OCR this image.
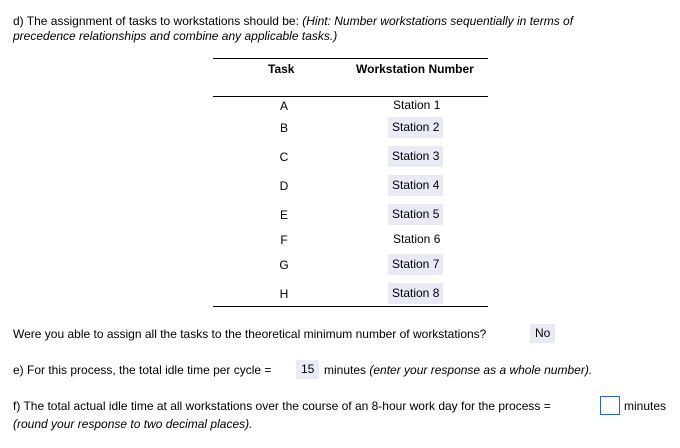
d) The assignment of tasks to workstations should be: (Hint: Number workstations sequentially in terms of
precedence relationships and combine any applicable tasks.)
Task	Workstation Number
A	Station 1
B	Station 2
C	Station 3
D	Station 4
E	Station 5
F	Station 6
G	Station 7
H	Station 8
Were you able to assign all the tasks to the theoretical minimum number of workstations?	No
e) For this process, the total idle time per cycle =	15 minutes (enter your response as a whole number).
f) The total actual idle time at all workstations over the course of an 8-hour work day for the process =	minutes
(round your response to two decimal places).
